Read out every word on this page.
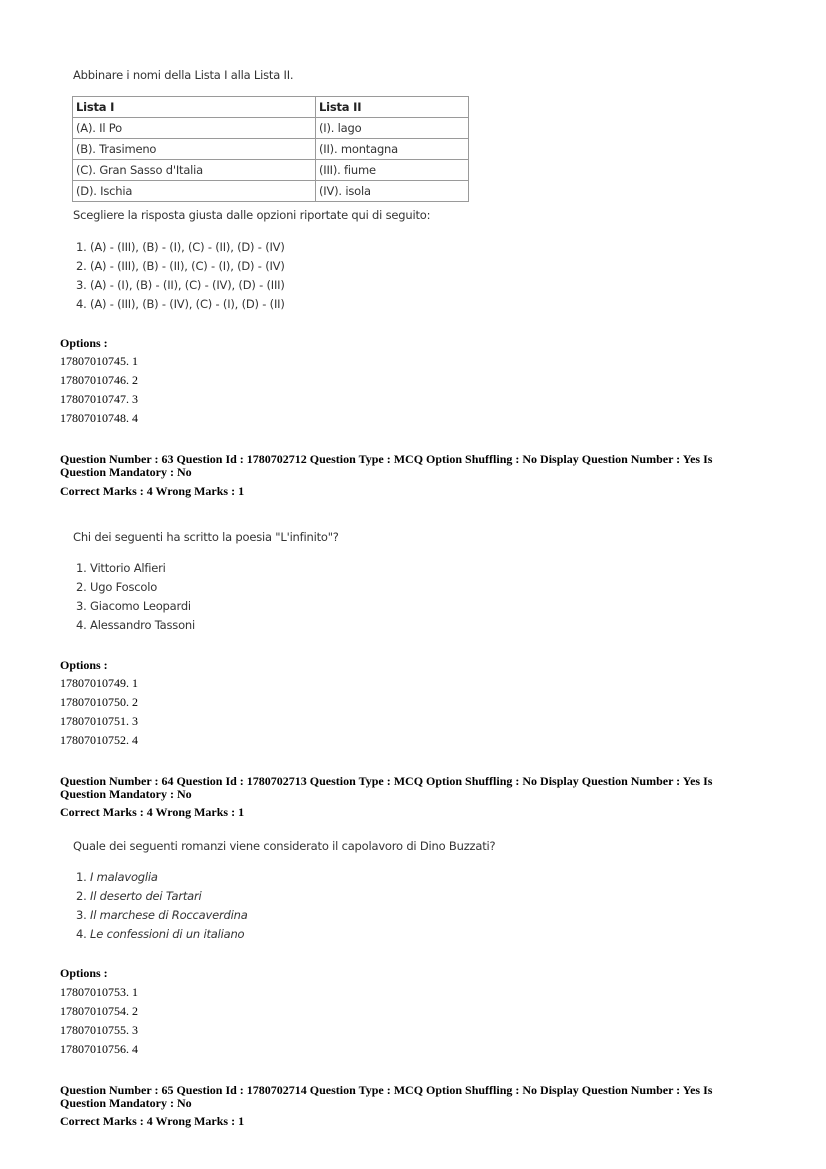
Abbinare i nomi della Lista I alla Lista II.
Lista I	Lista II
(A). Il Po	(I). lago
(B). Trasimeno	(II). montagna
(C). Gran Sasso d'Italia	(III). fiume
(D). Ischia	(IV). isola
Scegliere la risposta giusta dalle opzioni riportate qui di seguito:
1. (A) - (III), (B) - (I), (C) - (II), (D) - (IV)
2. (A) - (III), (B) - (II), (C) - (I), (D) - (IV)
3. (A) - (I), (B) - (II), (C) - (IV), (D) - (III)
4. (A) - (III), (B) - (IV), (C) - (I), (D) - (II)
Options :
17807010745. 1
17807010746. 2
17807010747. 3
17807010748. 4
Question Number : 63 Question Id : 1780702712 Question Type : MCQ Option Shuffling : No Display Question Number : Yes Is
Question Mandatory : No
Correct Marks : 4 Wrong Marks : 1
Chi dei seguenti ha scritto la poesia "L'infinito"?
1. Vittorio Alfieri
2. Ugo Foscolo
3. Giacomo Leopardi
4. Alessandro Tassoni
Options :
17807010749. 1
17807010750. 2
17807010751. 3
17807010752. 4
Question Number : 64 Question Id : 1780702713 Question Type : MCQ Option Shuffling : No Display Question Number : Yes Is
Question Mandatory : No
Correct Marks : 4 Wrong Marks : 1
Quale dei seguenti romanzi viene considerato il capolavoro di Dino Buzzati?
1. I malavoglia
2. Il deserto dei Tartari
3. Il marchese di Roccaverdina
4. Le confessioni di un italiano
Options :
17807010753. 1
17807010754. 2
17807010755. 3
17807010756. 4
Question Number : 65 Question Id : 1780702714 Question Type : MCQ Option Shuffling : No Display Question Number : Yes Is
Question Mandatory : No
Correct Marks : 4 Wrong Marks : 1
